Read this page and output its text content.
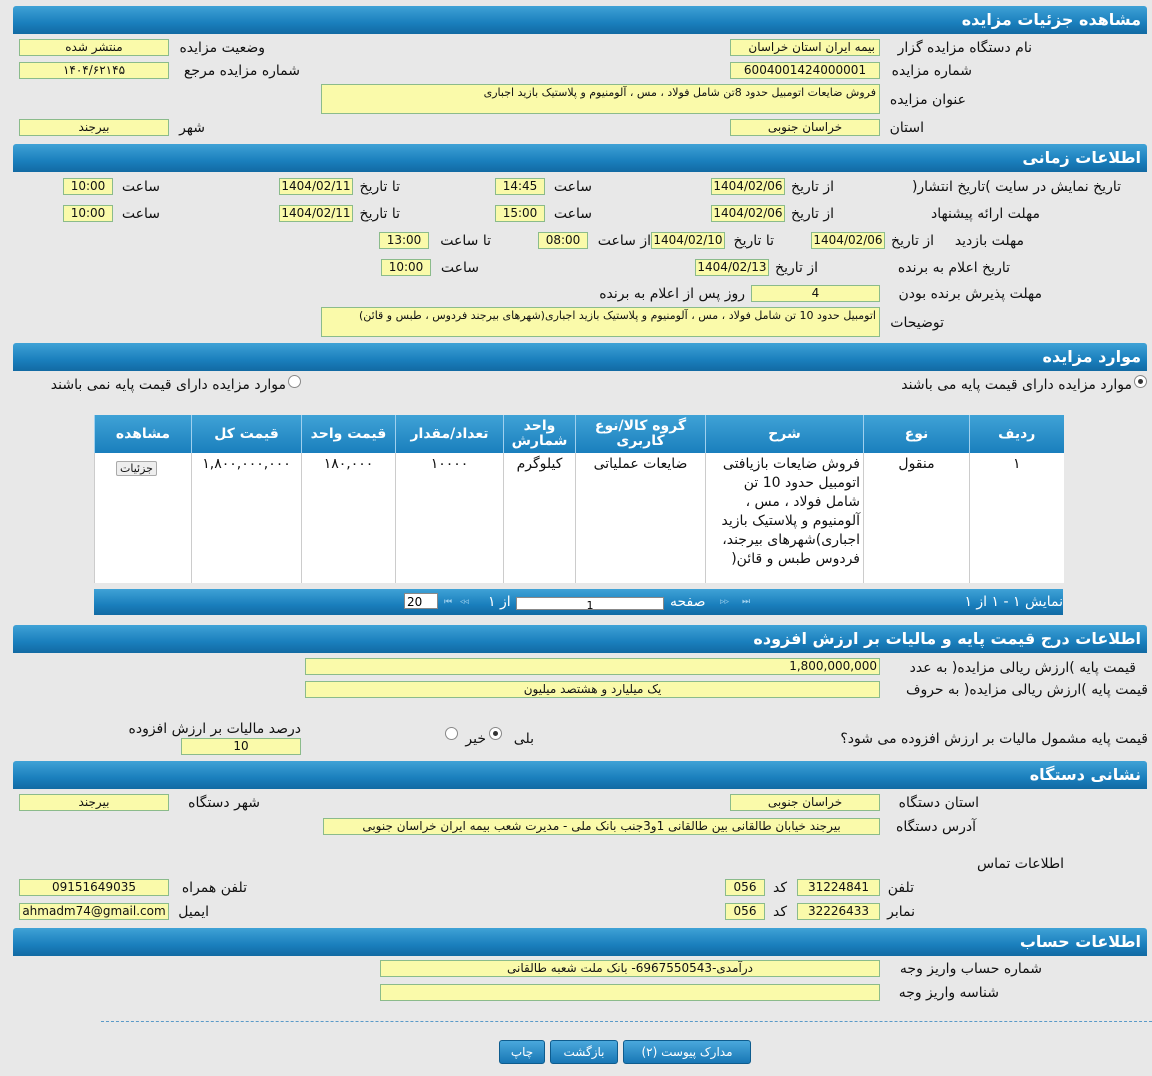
مشاهده جزئیات مزایده
نام دستگاه مزایده گزار
بیمه ایران استان خراسان
وضعیت مزایده
منتشر شده
شماره مزایده
6004001424000001
شماره مزایده مرجع
۱۴۰۴/۶۲۱۴۵
عنوان مزایده
فروش ضایعات اتومبیل حدود 8تن شامل فولاد ، مس ، آلومنیوم و پلاستیک بازید اجباری
استان
خراسان جنوبی
شهر
بیرجند
اطلاعات زمانی
تاریخ نمایش در سایت )تاریخ انتشار(
از تاریخ
1404/02/06
ساعت
14:45
تا تاریخ
1404/02/11
ساعت
10:00
مهلت ارائه پیشنهاد
از تاریخ
1404/02/06
ساعت
15:00
تا تاریخ
1404/02/11
ساعت
10:00
مهلت بازدید
از تاریخ
1404/02/06
تا تاریخ
1404/02/10
از ساعت
08:00
تا ساعت
13:00
تاریخ اعلام به برنده
از تاریخ
1404/02/13
ساعت
10:00
مهلت پذیرش برنده بودن
4
روز پس از اعلام به برنده
توضیحات
اتومبیل حدود 10 تن شامل فولاد ، مس ، آلومنیوم و پلاستیک بازید اجباری(شهرهای بیرجند فردوس ، طبس و قائن)
موارد مزایده
موارد مزایده دارای قیمت پایه می باشند
موارد مزایده دارای قیمت پایه نمی باشند
ردیف	نوع	شرح	گروه کالا/نوع کاربری	واحد شمارش	تعداد/مقدار	قیمت واحد	قیمت کل	مشاهده
۱	منقول	فروش ضایعات بازیافتی اتومبیل حدود 10 تن شامل فولاد ، مس ، آلومنیوم و پلاستیک بازید اجباری)شهرهای بیرجند، فردوس طبس و قائن(	ضایعات عملیاتی	کیلوگرم	۱۰۰۰۰	۱۸۰,۰۰۰	۱,۸۰۰,۰۰۰,۰۰۰	$_{جزئیات}$
نمایش ۱ - ۱ از ۱
⏭
▹▹
صفحه
1
از ۱
◃◃
⏮
20
اطلاعات درج قیمت پایه و مالیات بر ارزش افزوده
قیمت پایه )ارزش ریالی مزایده( به عدد
1,800,000,000
قیمت پایه )ارزش ریالی مزایده( به حروف
یک میلیارد و هشتصد میلیون
قیمت پایه مشمول مالیات بر ارزش افزوده می شود؟
بلی
خیر
درصد مالیات بر ارزش افزوده
10
نشانی دستگاه
استان دستگاه
خراسان جنوبی
شهر دستگاه
بیرجند
آدرس دستگاه
بیرجند خیابان طالقانی بین طالقانی 1و3جنب بانک ملی - مدیرت شعب بیمه ایران خراسان جنوبی
اطلاعات تماس
تلفن
31224841
کد
056
تلفن همراه
09151649035
نمابر
32226433
کد
056
ایمیل
ahmadm74@gmail.com
اطلاعات حساب
شماره حساب واریز وجه
درآمدی-6967550543- بانک ملت شعبه طالقانی
شناسه واریز وجه
مدارک پیوست (۲)
بازگشت
چاپ
